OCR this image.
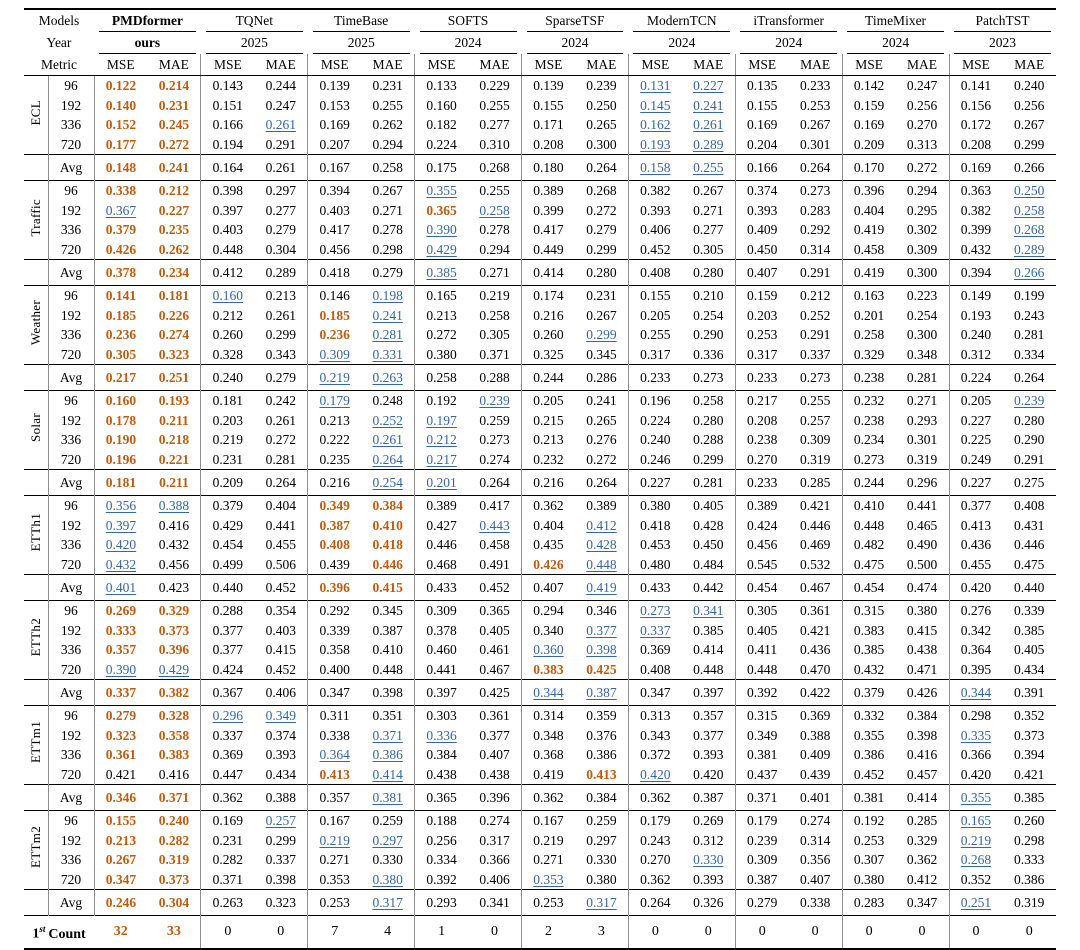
Models		PMDformer		TQNet		TimeBase		SOFTS		SparseTSF		ModernTCN		iTransformer		TimeMixer		PatchTST	

Year		ours		2025		2025		2024		2024		2024		2024		2024		2023	

Metric		MSE	MAE	MSE	MAE	MSE	MAE	MSE	MAE	MSE	MAE	MSE	MAE	MSE	MAE	MSE	MAE	MSE	MAE
ECL	96	0.122	0.214	0.143	0.244	0.139	0.231	0.133	0.229	0.139	0.239	0.131	0.227	0.135	0.233	0.142	0.247	0.141	0.240
	192	0.140	0.231	0.151	0.247	0.153	0.255	0.160	0.255	0.155	0.250	0.145	0.241	0.155	0.253	0.159	0.256	0.156	0.256
	336	0.152	0.245	0.166	0.261	0.169	0.262	0.182	0.277	0.171	0.265	0.162	0.261	0.169	0.267	0.169	0.270	0.172	0.267
	720	0.177	0.272	0.194	0.291	0.207	0.294	0.224	0.310	0.208	0.300	0.193	0.289	0.204	0.301	0.209	0.313	0.208	0.299
	Avg	0.148	0.241	0.164	0.261	0.167	0.258	0.175	0.268	0.180	0.264	0.158	0.255	0.166	0.264	0.170	0.272	0.169	0.266
Traffic	96	0.338	0.212	0.398	0.297	0.394	0.267	0.355	0.255	0.389	0.268	0.382	0.267	0.374	0.273	0.396	0.294	0.363	0.250
	192	0.367	0.227	0.397	0.277	0.403	0.271	0.365	0.258	0.399	0.272	0.393	0.271	0.393	0.283	0.404	0.295	0.382	0.258
	336	0.379	0.235	0.403	0.279	0.417	0.278	0.390	0.278	0.417	0.279	0.406	0.277	0.409	0.292	0.419	0.302	0.399	0.268
	720	0.426	0.262	0.448	0.304	0.456	0.298	0.429	0.294	0.449	0.299	0.452	0.305	0.450	0.314	0.458	0.309	0.432	0.289
	Avg	0.378	0.234	0.412	0.289	0.418	0.279	0.385	0.271	0.414	0.280	0.408	0.280	0.407	0.291	0.419	0.300	0.394	0.266
Weather	96	0.141	0.181	0.160	0.213	0.146	0.198	0.165	0.219	0.174	0.231	0.155	0.210	0.159	0.212	0.163	0.223	0.149	0.199
	192	0.185	0.226	0.212	0.261	0.185	0.241	0.213	0.258	0.216	0.267	0.205	0.254	0.203	0.252	0.201	0.254	0.193	0.243
	336	0.236	0.274	0.260	0.299	0.236	0.281	0.272	0.305	0.260	0.299	0.255	0.290	0.253	0.291	0.258	0.300	0.240	0.281
	720	0.305	0.323	0.328	0.343	0.309	0.331	0.380	0.371	0.325	0.345	0.317	0.336	0.317	0.337	0.329	0.348	0.312	0.334
	Avg	0.217	0.251	0.240	0.279	0.219	0.263	0.258	0.288	0.244	0.286	0.233	0.273	0.233	0.273	0.238	0.281	0.224	0.264
Solar	96	0.160	0.193	0.181	0.242	0.179	0.248	0.192	0.239	0.205	0.241	0.196	0.258	0.217	0.255	0.232	0.271	0.205	0.239
	192	0.178	0.211	0.203	0.261	0.213	0.252	0.197	0.259	0.215	0.265	0.224	0.280	0.208	0.257	0.238	0.293	0.227	0.280
	336	0.190	0.218	0.219	0.272	0.222	0.261	0.212	0.273	0.213	0.276	0.240	0.288	0.238	0.309	0.234	0.301	0.225	0.290
	720	0.196	0.221	0.231	0.281	0.235	0.264	0.217	0.274	0.232	0.272	0.246	0.299	0.270	0.319	0.273	0.319	0.249	0.291
	Avg	0.181	0.211	0.209	0.264	0.216	0.254	0.201	0.264	0.216	0.264	0.227	0.281	0.233	0.285	0.244	0.296	0.227	0.275
ETTh1	96	0.356	0.388	0.379	0.404	0.349	0.384	0.389	0.417	0.362	0.389	0.380	0.405	0.389	0.421	0.410	0.441	0.377	0.408
	192	0.397	0.416	0.429	0.441	0.387	0.410	0.427	0.443	0.404	0.412	0.418	0.428	0.424	0.446	0.448	0.465	0.413	0.431
	336	0.420	0.432	0.454	0.455	0.408	0.418	0.446	0.458	0.435	0.428	0.453	0.450	0.456	0.469	0.482	0.490	0.436	0.446
	720	0.432	0.456	0.499	0.506	0.439	0.446	0.468	0.491	0.426	0.448	0.480	0.484	0.545	0.532	0.475	0.500	0.455	0.475
	Avg	0.401	0.423	0.440	0.452	0.396	0.415	0.433	0.452	0.407	0.419	0.433	0.442	0.454	0.467	0.454	0.474	0.420	0.440
ETTh2	96	0.269	0.329	0.288	0.354	0.292	0.345	0.309	0.365	0.294	0.346	0.273	0.341	0.305	0.361	0.315	0.380	0.276	0.339
	192	0.333	0.373	0.377	0.403	0.339	0.387	0.378	0.405	0.340	0.377	0.337	0.385	0.405	0.421	0.383	0.415	0.342	0.385
	336	0.357	0.396	0.377	0.415	0.358	0.410	0.460	0.461	0.360	0.398	0.369	0.414	0.411	0.436	0.385	0.438	0.364	0.405
	720	0.390	0.429	0.424	0.452	0.400	0.448	0.441	0.467	0.383	0.425	0.408	0.448	0.448	0.470	0.432	0.471	0.395	0.434
	Avg	0.337	0.382	0.367	0.406	0.347	0.398	0.397	0.425	0.344	0.387	0.347	0.397	0.392	0.422	0.379	0.426	0.344	0.391
ETTm1	96	0.279	0.328	0.296	0.349	0.311	0.351	0.303	0.361	0.314	0.359	0.313	0.357	0.315	0.369	0.332	0.384	0.298	0.352
	192	0.323	0.358	0.337	0.374	0.338	0.371	0.336	0.377	0.348	0.376	0.343	0.377	0.349	0.388	0.355	0.398	0.335	0.373
	336	0.361	0.383	0.369	0.393	0.364	0.386	0.384	0.407	0.368	0.386	0.372	0.393	0.381	0.409	0.386	0.416	0.366	0.394
	720	0.421	0.416	0.447	0.434	0.413	0.414	0.438	0.438	0.419	0.413	0.420	0.420	0.437	0.439	0.452	0.457	0.420	0.421
	Avg	0.346	0.371	0.362	0.388	0.357	0.381	0.365	0.396	0.362	0.384	0.362	0.387	0.371	0.401	0.381	0.414	0.355	0.385
ETTm2	96	0.155	0.240	0.169	0.257	0.167	0.259	0.188	0.274	0.167	0.259	0.179	0.269	0.179	0.274	0.192	0.285	0.165	0.260
	192	0.213	0.282	0.231	0.299	0.219	0.297	0.256	0.317	0.219	0.297	0.243	0.312	0.239	0.314	0.253	0.329	0.219	0.298
	336	0.267	0.319	0.282	0.337	0.271	0.330	0.334	0.366	0.271	0.330	0.270	0.330	0.309	0.356	0.307	0.362	0.268	0.333
	720	0.347	0.373	0.371	0.398	0.353	0.380	0.392	0.406	0.353	0.380	0.362	0.393	0.387	0.407	0.380	0.412	0.352	0.386
	Avg	0.246	0.304	0.263	0.323	0.253	0.317	0.293	0.341	0.253	0.317	0.264	0.326	0.279	0.338	0.283	0.347	0.251	0.319
1st Count		32	33	0	0	7	4	1	0	2	3	0	0	0	0	0	0	0	0
